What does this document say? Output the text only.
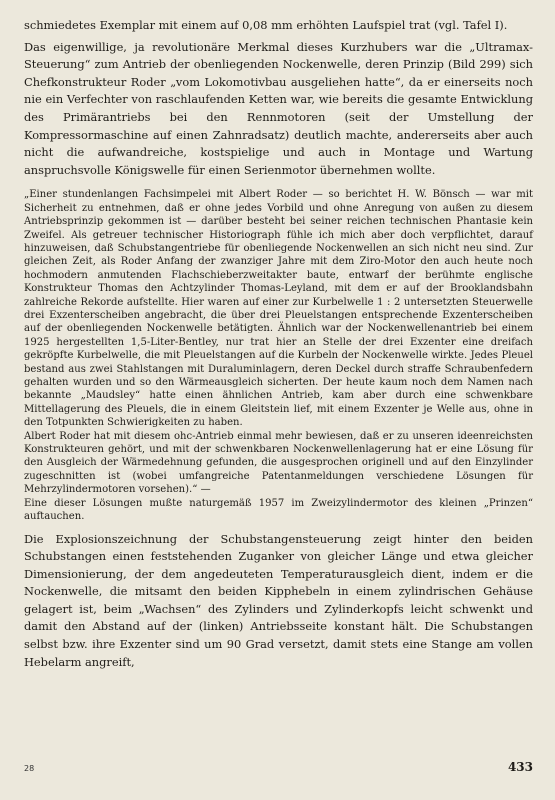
schmiedetes Exemplar mit einem auf 0,08 mm erhöhten Laufspiel trat (vgl. Tafel I).

Das eigenwillige, ja revolutionäre Merkmal dieses Kurzhubers war die „Ultramax-Steuerung“ zum Antrieb der obenliegenden Nockenwelle, deren Prinzip (Bild 299) sich Chefkonstrukteur Roder „vom Lokomotivbau ausgeliehen hatte“, da er einerseits noch nie ein Verfechter von raschlaufenden Ketten war, wie bereits die gesamte Entwicklung des Primärantriebs bei den Rennmotoren (seit der Umstellung der Kompressormaschine auf einen Zahnradsatz) deutlich machte, andererseits aber auch nicht die aufwandreiche, kostspielige und auch in Montage und Wartung anspruchsvolle Königswelle für einen Serienmotor übernehmen wollte.

„Einer stundenlangen Fachsimpelei mit Albert Roder — so berichtet H. W. Bönsch — war mit Sicherheit zu entnehmen, daß er ohne jedes Vorbild und ohne Anregung von außen zu diesem Antriebsprinzip gekommen ist — darüber besteht bei seiner reichen technischen Phantasie kein Zweifel. Als getreuer technischer Historiograph fühle ich mich aber doch verpflichtet, darauf hinzuweisen, daß Schubstangentriebe für obenliegende Nockenwellen an sich nicht neu sind. Zur gleichen Zeit, als Roder Anfang der zwanziger Jahre mit dem Ziro-Motor den auch heute noch hochmodern anmutenden Flachschieberzweitakter baute, entwarf der berühmte englische Konstrukteur Thomas den Achtzylinder Thomas-Leyland, mit dem er auf der Brooklandsbahn zahlreiche Rekorde aufstellte. Hier waren auf einer zur Kurbelwelle 1 : 2 untersetzten Steuerwelle drei Exzenterscheiben angebracht, die über drei Pleuelstangen entsprechende Exzenterscheiben auf der obenliegenden Nockenwelle betätigten. Ähnlich war der Nockenwellenantrieb bei einem 1925 hergestellten 1,5-Liter-Bentley, nur trat hier an Stelle der drei Exzenter eine dreifach gekröpfte Kurbelwelle, die mit Pleuelstangen auf die Kurbeln der Nockenwelle wirkte. Jedes Pleuel bestand aus zwei Stahlstangen mit Duraluminlagern, deren Deckel durch straffe Schraubenfedern gehalten wurden und so den Wärmeausgleich sicherten. Der heute kaum noch dem Namen nach bekannte „Maudsley“ hatte einen ähnlichen Antrieb, kam aber durch eine schwenkbare Mittellagerung des Pleuels, die in einem Gleitstein lief, mit einem Exzenter je Welle aus, ohne in den Totpunkten Schwierigkeiten zu haben.

Albert Roder hat mit diesem ohc-Antrieb einmal mehr bewiesen, daß er zu unseren ideenreichsten Konstrukteuren gehört, und mit der schwenkbaren Nockenwellenlagerung hat er eine Lösung für den Ausgleich der Wärmedehnung gefunden, die ausgesprochen originell und auf den Einzylinder zugeschnitten ist (wobei umfangreiche Patentanmeldungen verschiedene Lösungen für Mehrzylindermotoren vorsehen).“ —

Eine dieser Lösungen mußte naturgemäß 1957 im Zweizylindermotor des kleinen „Prinzen“ auftauchen.

Die Explosionszeichnung der Schubstangensteuerung zeigt hinter den beiden Schubstangen einen feststehenden Zuganker von gleicher Länge und etwa gleicher Dimensionierung, der dem angedeuteten Temperaturausgleich dient, indem er die Nockenwelle, die mitsamt den beiden Kipphebeln in einem zylindrischen Gehäuse gelagert ist, beim „Wachsen“ des Zylinders und Zylinderkopfs leicht schwenkt und damit den Abstand auf der (linken) Antriebsseite konstant hält. Die Schubstangen selbst bzw. ihre Exzenter sind um 90 Grad versetzt, damit stets eine Stange am vollen Hebelarm angreift,

28	433
